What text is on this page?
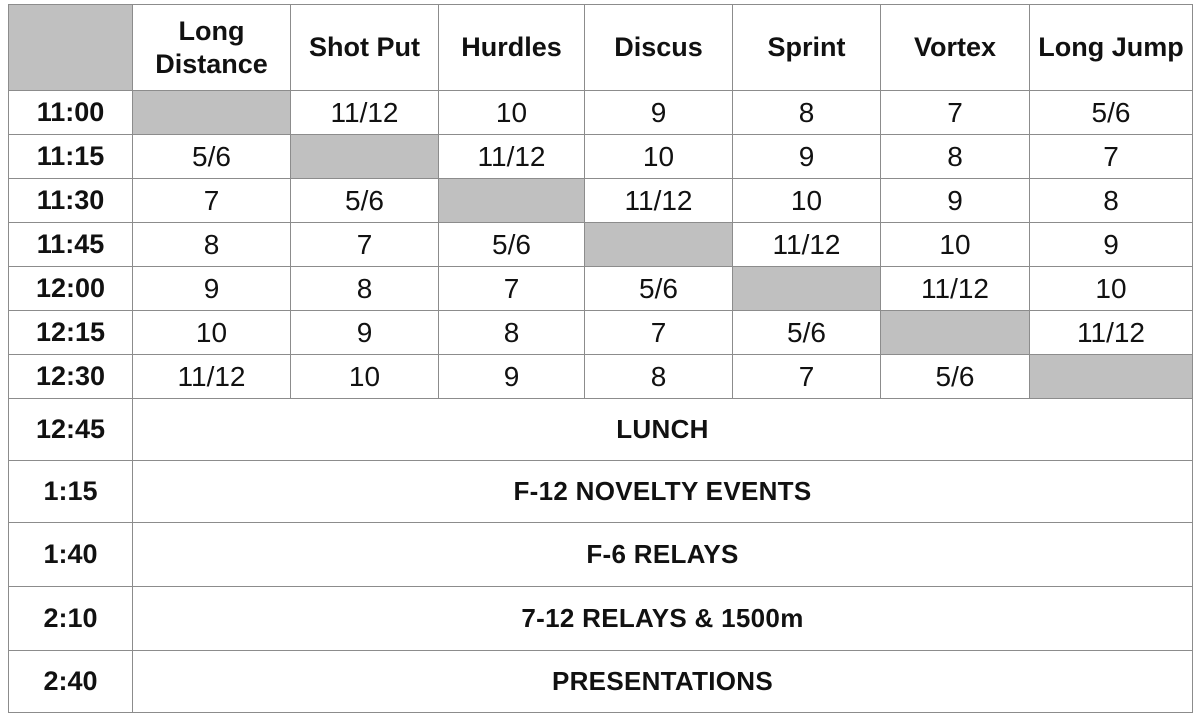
	Long Distance	Shot Put	Hurdles	Discus	Sprint	Vortex	Long Jump
11:00		11/12	10	9	8	7	5/6
11:15	5/6		11/12	10	9	8	7
11:30	7	5/6		11/12	10	9	8
11:45	8	7	5/6		11/12	10	9
12:00	9	8	7	5/6		11/12	10
12:15	10	9	8	7	5/6		11/12
12:30	11/12	10	9	8	7	5/6	
12:45	LUNCH						
1:15	F-12 NOVELTY EVENTS						
1:40	F-6 RELAYS						
2:10	7-12 RELAYS & 1500m						
2:40	PRESENTATIONS						
